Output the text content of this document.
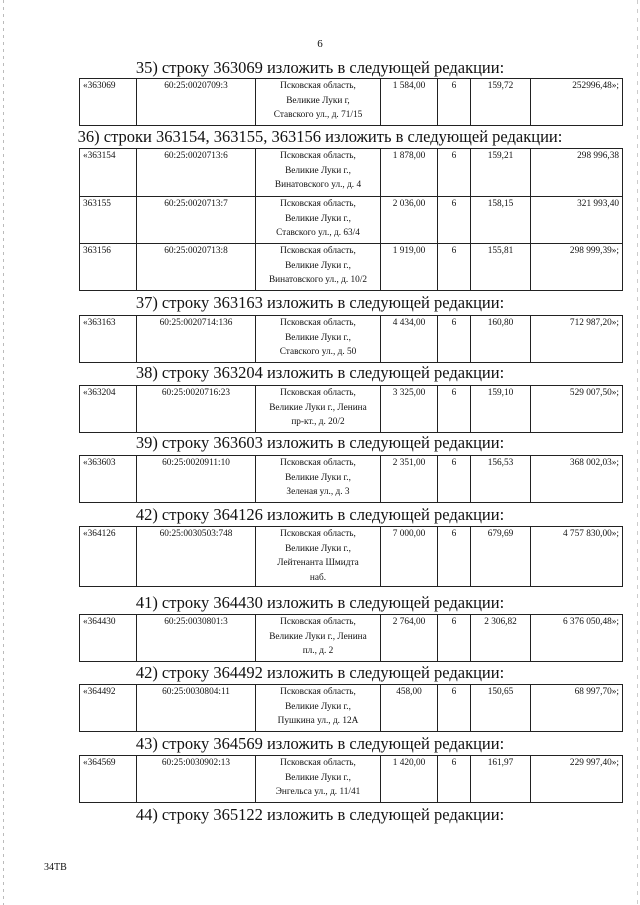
6
35) строку 363069 изложить в следующей редакции:
«363069	60:25:0020709:3	Псковская область,
Великие Луки г,
Ставского ул., д. 71/15
	1 584,00	6	159,72	252996,48»;
36) строки 363154, 363155, 363156 изложить в следующей редакции:
«363154	60:25:0020713:6	Псковская область,
Великие Луки г.,
Винатовского ул., д. 4
	1 878,00	6	159,21	298 996,38
363155	60:25:0020713:7	Псковская область,
Великие Луки г.,
Ставского ул., д. 63/4
	2 036,00	6	158,15	321 993,40
363156	60:25:0020713:8	Псковская область,
Великие Луки г.,
Винатовского ул., д. 10/2
	1 919,00	6	155,81	298 999,39»;
37) строку 363163 изложить в следующей редакции:
«363163	60:25:0020714:136	Псковская область,
Великие Луки г.,
Ставского ул., д. 50
	4 434,00	6	160,80	712 987,20»;
38) строку 363204 изложить в следующей редакции:
«363204	60:25:0020716:23	Псковская область,
Великие Луки г., Ленина
пр-кт., д. 20/2
	3 325,00	6	159,10	529 007,50»;
39) строку 363603 изложить в следующей редакции:
«363603	60:25:0020911:10	Псковская область,
Великие Луки г.,
Зеленая ул., д. 3
	2 351,00	6	156,53	368 002,03»;
42) строку 364126 изложить в следующей редакции:
«364126	60:25:0030503:748	Псковская область,
Великие Луки г.,
Лейтенанта Шмидта
наб.
	7 000,00	6	679,69	4 757 830,00»;
41) строку 364430 изложить в следующей редакции:
«364430	60:25:0030801:3	Псковская область,
Великие Луки г., Ленина
пл., д. 2
	2 764,00	6	2 306,82	6 376 050,48»;
42) строку 364492 изложить в следующей редакции:
«364492	60:25:0030804:11	Псковская область,
Великие Луки г.,
Пушкина ул., д. 12А
	458,00	6	150,65	68 997,70»;
43) строку 364569 изложить в следующей редакции:
«364569	60:25:0030902:13	Псковская область,
Великие Луки г.,
Энгельса ул., д. 11/41
	1 420,00	6	161,97	229 997,40»;
44) строку 365122 изложить в следующей редакции:
34ТВ
